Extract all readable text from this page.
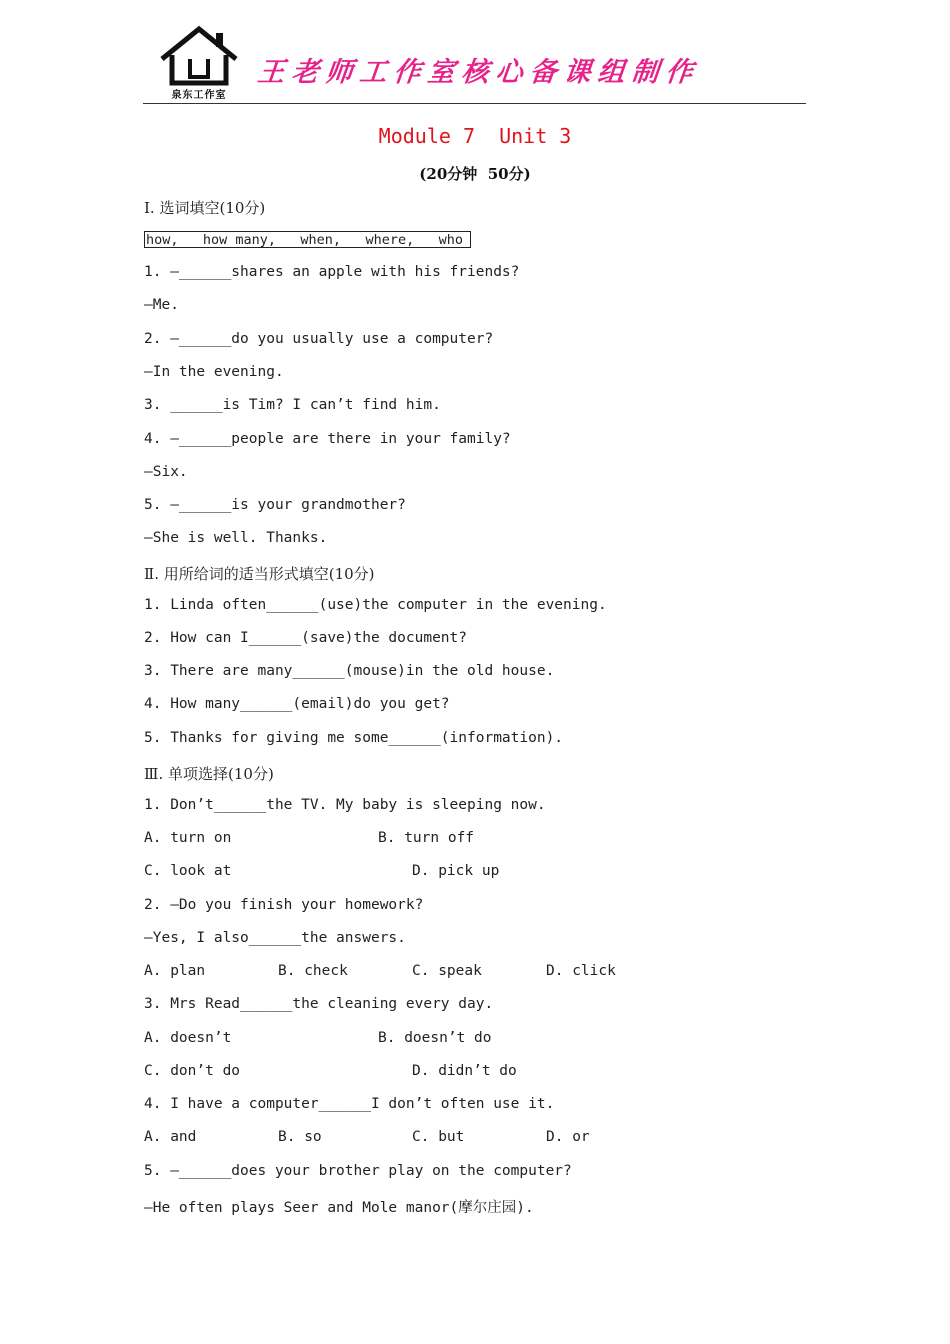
泉东工作室
王老师工作室核心备课组制作
Module 7  Unit 3
(20分钟  50分)
Ⅰ. 选词填空(10分)
how,   how many,   when,   where,   who
1. —______shares an apple with his friends?
—Me.
2. —______do you usually use a computer?
—In the evening.
3. ______is Tim? I can’t find him.
4. —______people are there in your family?
—Six.
5. —______is your grandmother?
—She is well. Thanks.
Ⅱ. 用所给词的适当形式填空(10分)
1. Linda often______(use)the computer in the evening.
2. How can I______(save)the document?
3. There are many______(mouse)in the old house.
4. How many______(email)do you get?
5. Thanks for giving me some______(information).
Ⅲ. 单项选择(10分)
1. Don’t______the TV. My baby is sleeping now.
A. turn on	B. turn off
C. look at	D. pick up
2. —Do you finish your homework?
—Yes, I also______the answers.
A. plan	B. check	C. speak	D. click
3. Mrs Read______the cleaning every day.
A. doesn’t	B. doesn’t do
C. don’t do	D. didn’t do
4. I have a computer______I don’t often use it.
A. and	B. so	C. but	D. or
5. —______does your brother play on the computer?
—He often plays Seer and Mole manor(摩尔庄园).
